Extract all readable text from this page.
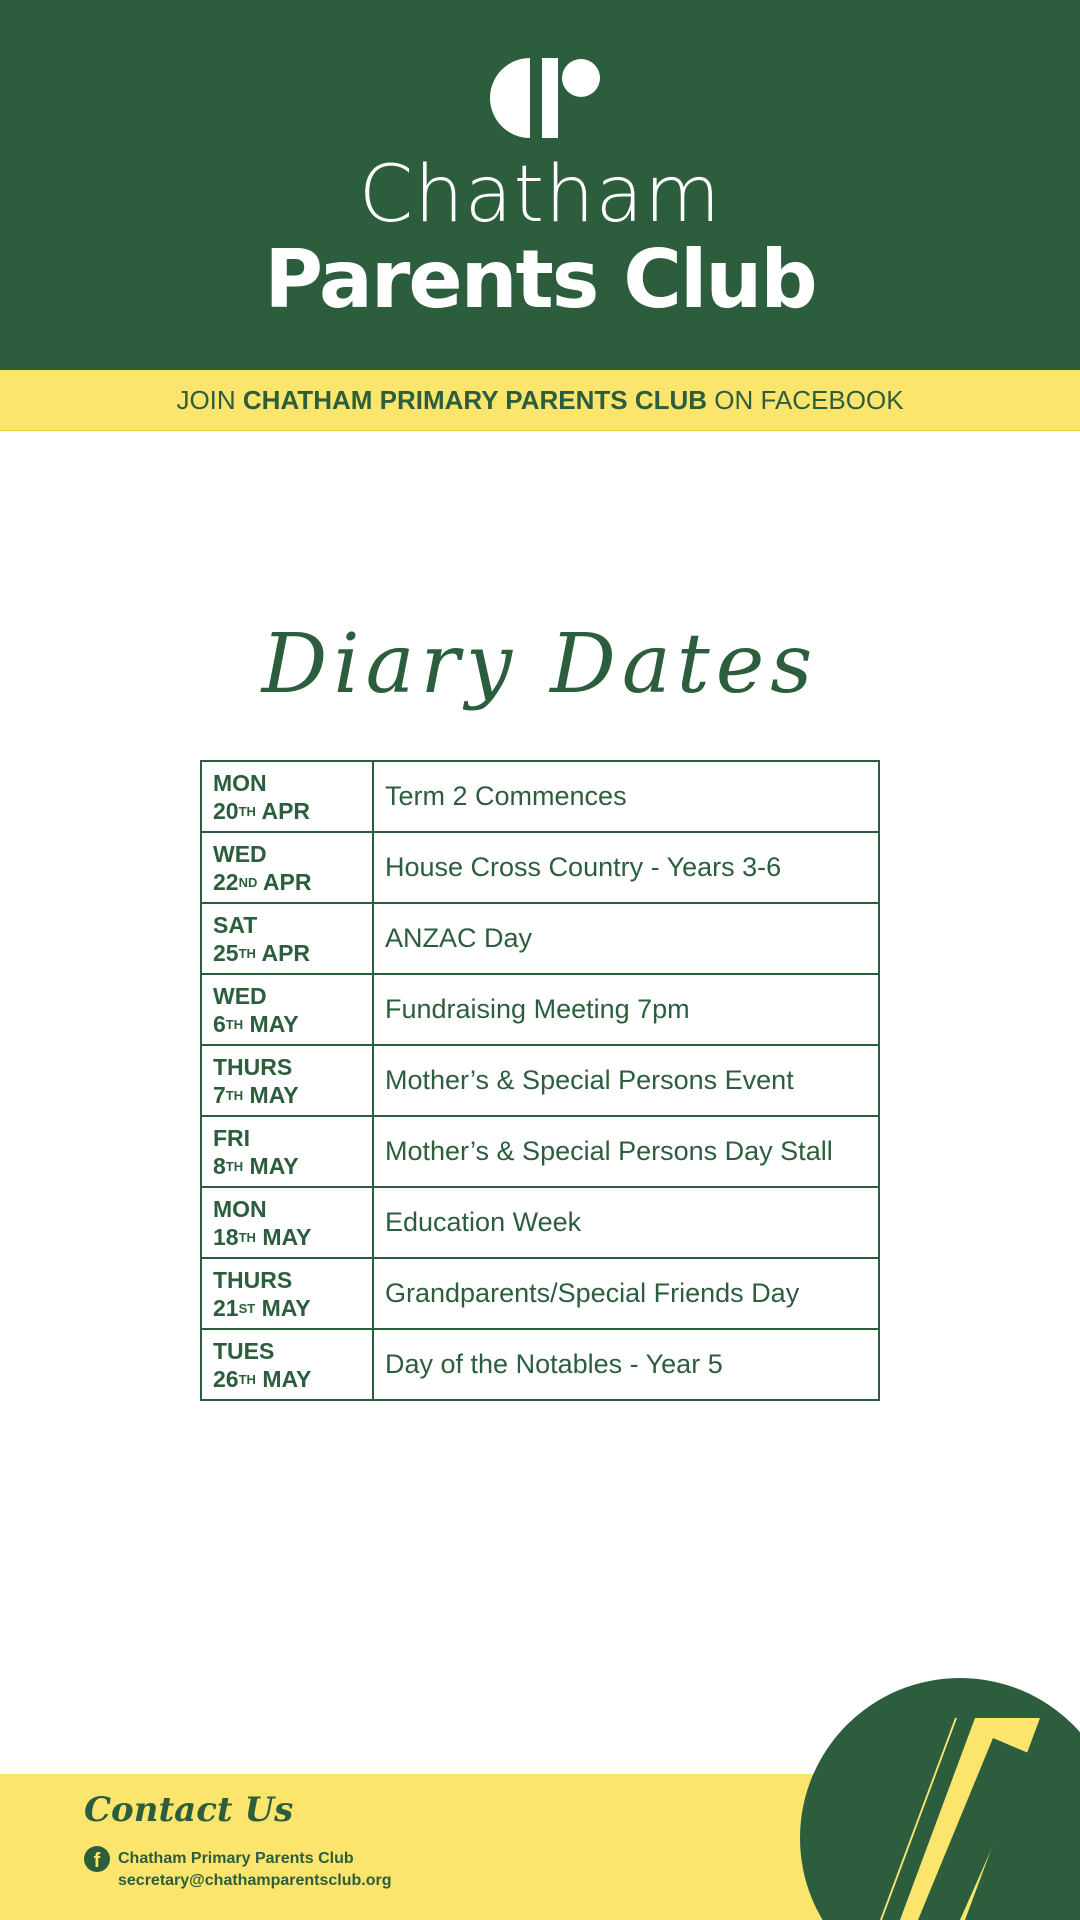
Chatham
Parents Club
JOIN CHATHAM PRIMARY PARENTS CLUB ON FACEBOOK
Diary Dates
MON
20TH APR	Term 2 Commences

WED
22ND APR	House Cross Country - Years 3-6

SAT
25TH APR	ANZAC Day

WED
6TH MAY	Fundraising Meeting 7pm

THURS
7TH MAY	Mother’s & Special Persons Event

FRI
8TH MAY	Mother’s & Special Persons Day Stall

MON
18TH MAY	Education Week

THURS
21ST MAY	Grandparents/Special Friends Day

TUES
26TH MAY	Day of the Notables - Year 5
Contact Us
f	Chatham Primary Parents Club
secretary@chathamparentsclub.org
